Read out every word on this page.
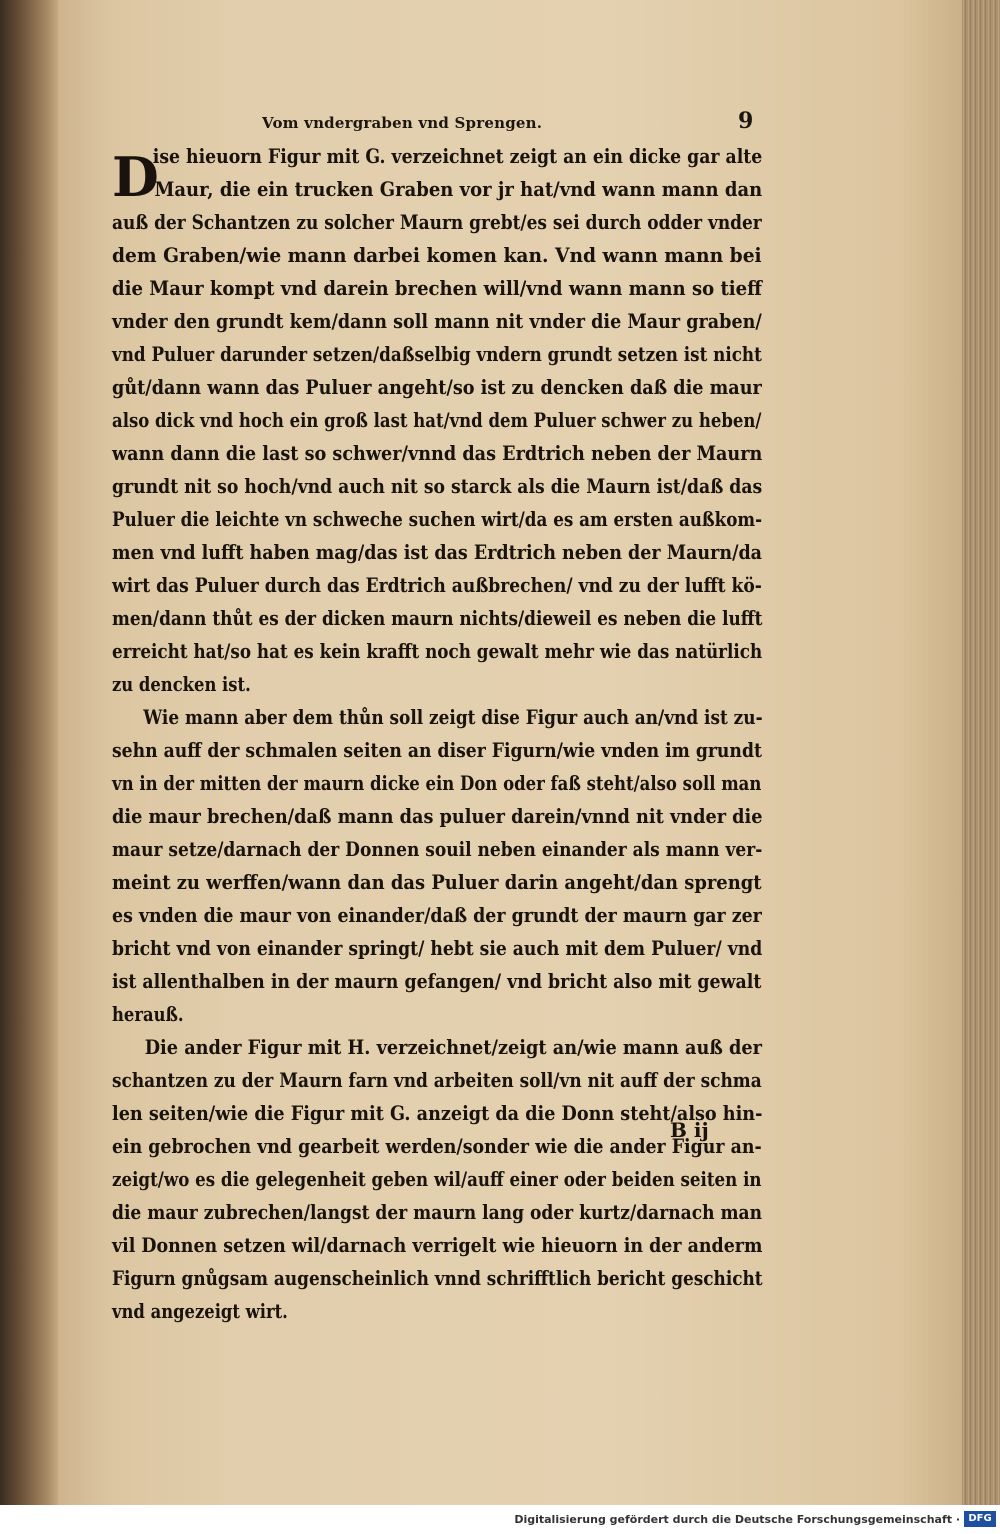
Vom vndergraben vnd Sprengen.	9
D
ise hieuorn Figur mit G. verzeichnet zeigt an ein dicke gar alte
Maur, die ein trucken Graben vor jr hat/vnd wann mann dan
auß der Schantzen zu solcher Maurn grebt/es sei durch odder vnder
dem Graben/wie mann darbei komen kan. Vnd wann mann bei
die Maur kompt vnd darein brechen will/vnd wann mann so tieff
vnder den grundt kem/dann soll mann nit vnder die Maur graben/
vnd Puluer darunder setzen/daßselbig vndern grundt setzen ist nicht
gůt/dann wann das Puluer angeht/so ist zu dencken daß die maur
also dick vnd hoch ein groß last hat/vnd dem Puluer schwer zu heben/
wann dann die last so schwer/vnnd das Erdtrich neben der Maurn
grundt nit so hoch/vnd auch nit so starck als die Maurn ist/daß das
Puluer die leichte vn schweche suchen wirt/da es am ersten außkom-
men vnd lufft haben mag/das ist das Erdtrich neben der Maurn/da
wirt das Puluer durch das Erdtrich außbrechen/ vnd zu der lufft kö-
men/dann thůt es der dicken maurn nichts/dieweil es neben die lufft
erreicht hat/so hat es kein krafft noch gewalt mehr wie das natürlich
zu dencken ist.
Wie mann aber dem thůn soll zeigt dise Figur auch an/vnd ist zu-
sehn auff der schmalen seiten an diser Figurn/wie vnden im grundt
vn in der mitten der maurn dicke ein Don oder faß steht/also soll man
die maur brechen/daß mann das puluer darein/vnnd nit vnder die
maur setze/darnach der Donnen souil neben einander als mann ver-
meint zu werffen/wann dan das Puluer darin angeht/dan sprengt
es vnden die maur von einander/daß der grundt der maurn gar zer
bricht vnd von einander springt/ hebt sie auch mit dem Puluer/ vnd
ist allenthalben in der maurn gefangen/ vnd bricht also mit gewalt
herauß.
Die ander Figur mit H. verzeichnet/zeigt an/wie mann auß der
schantzen zu der Maurn farn vnd arbeiten soll/vn nit auff der schma
len seiten/wie die Figur mit G. anzeigt da die Donn steht/also hin-
ein gebrochen vnd gearbeit werden/sonder wie die ander Figur an-
zeigt/wo es die gelegenheit geben wil/auff einer oder beiden seiten in
die maur zubrechen/langst der maurn lang oder kurtz/darnach man
vil Donnen setzen wil/darnach verrigelt wie hieuorn in der anderm
Figurn gnůgsam augenscheinlich vnnd schrifftlich bericht geschicht
vnd angezeigt wirt.
B ij
Digitalisierung gefördert durch die Deutsche Forschungsgemeinschaft · DFG
